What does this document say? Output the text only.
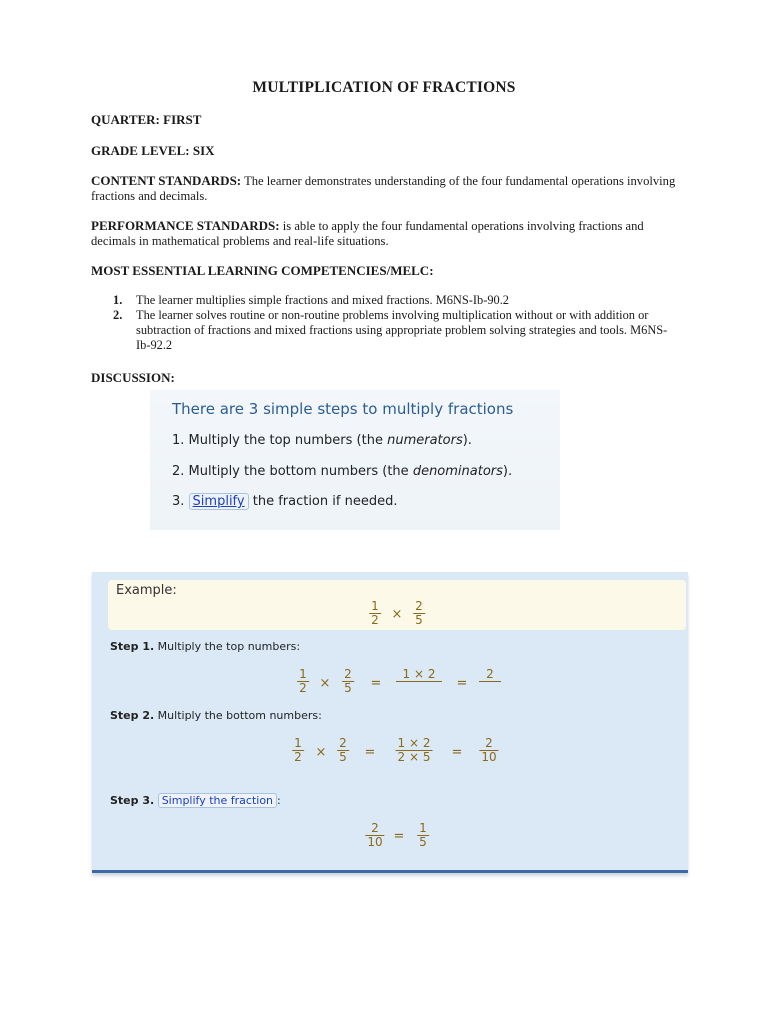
MULTIPLICATION OF FRACTIONS
QUARTER: FIRST
GRADE LEVEL: SIX
CONTENT STANDARDS: The learner demonstrates understanding of the four fundamental operations involving fractions and decimals.
PERFORMANCE STANDARDS: is able to apply the four fundamental operations involving fractions and decimals in mathematical problems and real-life situations.
MOST ESSENTIAL LEARNING COMPETENCIES/MELC:
1. The learner multiplies simple fractions and mixed fractions. M6NS-Ib-90.2
2. The learner solves routine or non-routine problems involving multiplication without or with addition or subtraction of fractions and mixed fractions using appropriate problem solving strategies and tools. M6NS-Ib-92.2
DISCUSSION:
There are 3 simple steps to multiply fractions
1. Multiply the top numbers (the numerators).
2. Multiply the bottom numbers (the denominators).
3. Simplify the fraction if needed.
Example:
$\frac{1}{2} \times \frac{2}{5}$
Step 1. Multiply the top numbers:
$\frac{1}{2} \times \frac{2}{5}$ =
1 × 2

=
2

Step 2. Multiply the bottom numbers:
$\frac{1}{2} \times \frac{2}{5} = \frac{1 \times 2}{2 \times 5} = \frac{2}{10}$
Step 3. Simplify the fraction :
$\frac{2}{10} = \frac{1}{5}$
